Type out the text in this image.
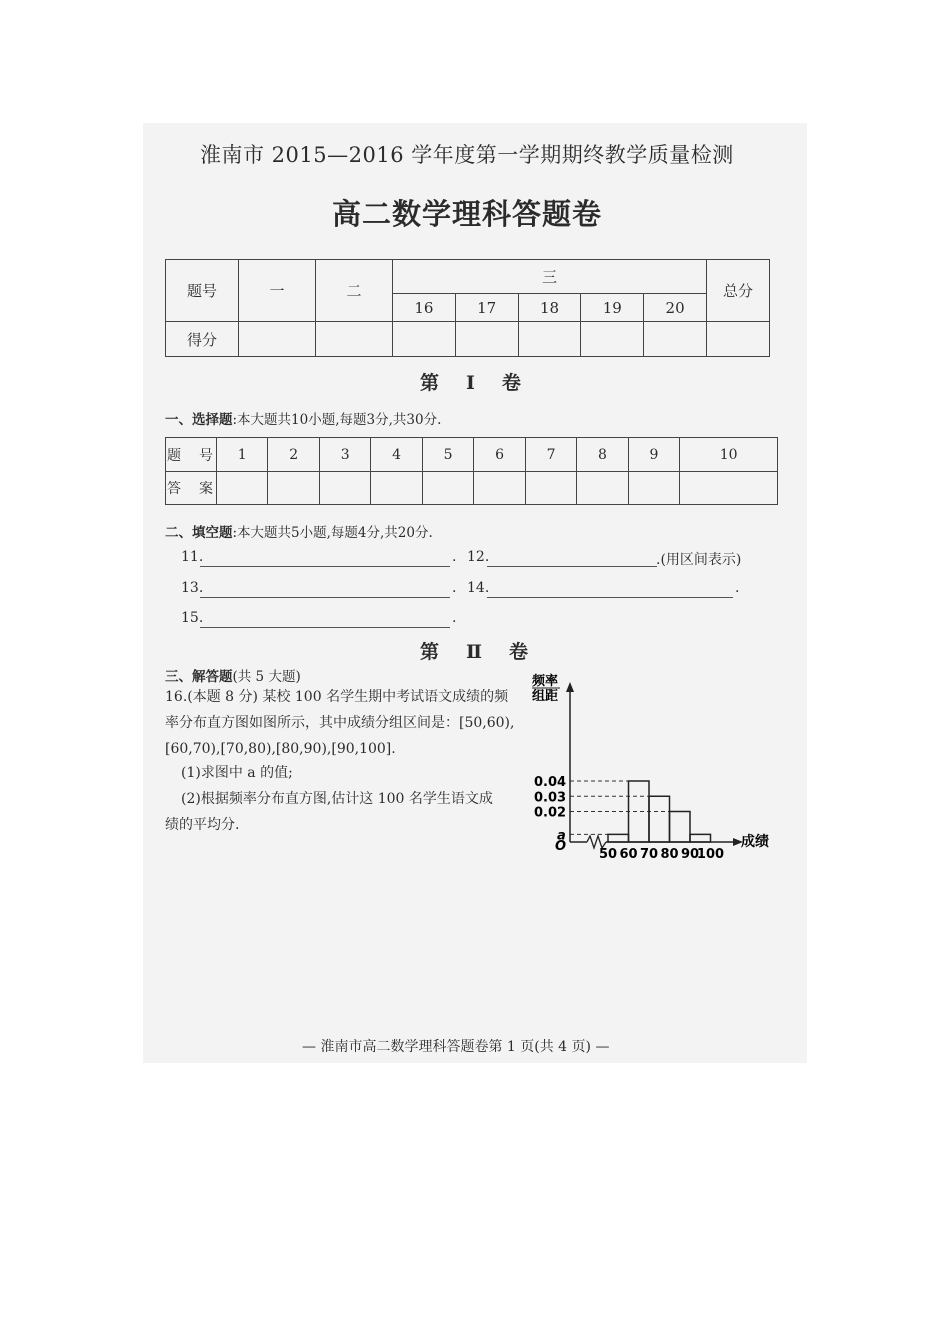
淮南市 2015—2016 学年度第一学期期终教学质量检测
高二数学理科答题卷
题号	一	二	三					总分
			16	17	18	19	20	
得分								
第　Ⅰ　卷
一、选择题:本大题共10小题,每题3分,共30分.
题　号	1	2	3	4	5	6	7	8	9	10
答　案										
二、填空题:本大题共5小题,每题4分,共20分.
11.	. 12.	.(用区间表示)
13.	. 14.	.
15.	.
第　Ⅱ　卷
三、解答题(共 5 大题)
16.(本题 8 分) 某校 100 名学生期中考试语文成绩的频率分布直方图如图所示，其中成绩分组区间是：[50,60),[60,70),[70,80),[80,90),[90,100].
(1)求图中 a 的值;
(2)根据频率分布直方图,估计这 100 名学生语文成
绩的平均分.
0.04
0.03
0.02
a
50 60 70 80 90
100
频率
组距
成绩
O
— 淮南市高二数学理科答题卷第 1 页(共 4 页) —
